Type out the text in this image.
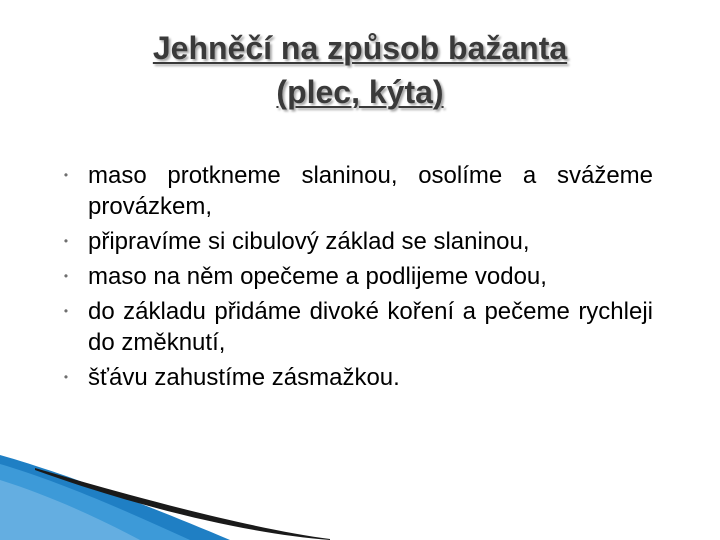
Jehněčí na způsob bažanta
(plec, kýta)
• maso protkneme slaninou, osolíme a svážeme provázkem,
• připravíme si cibulový základ se slaninou,
• maso na něm opečeme a podlijeme vodou,
• do základu přidáme divoké koření a pečeme rychleji do změknutí,
• šťávu zahustíme zásmažkou.
